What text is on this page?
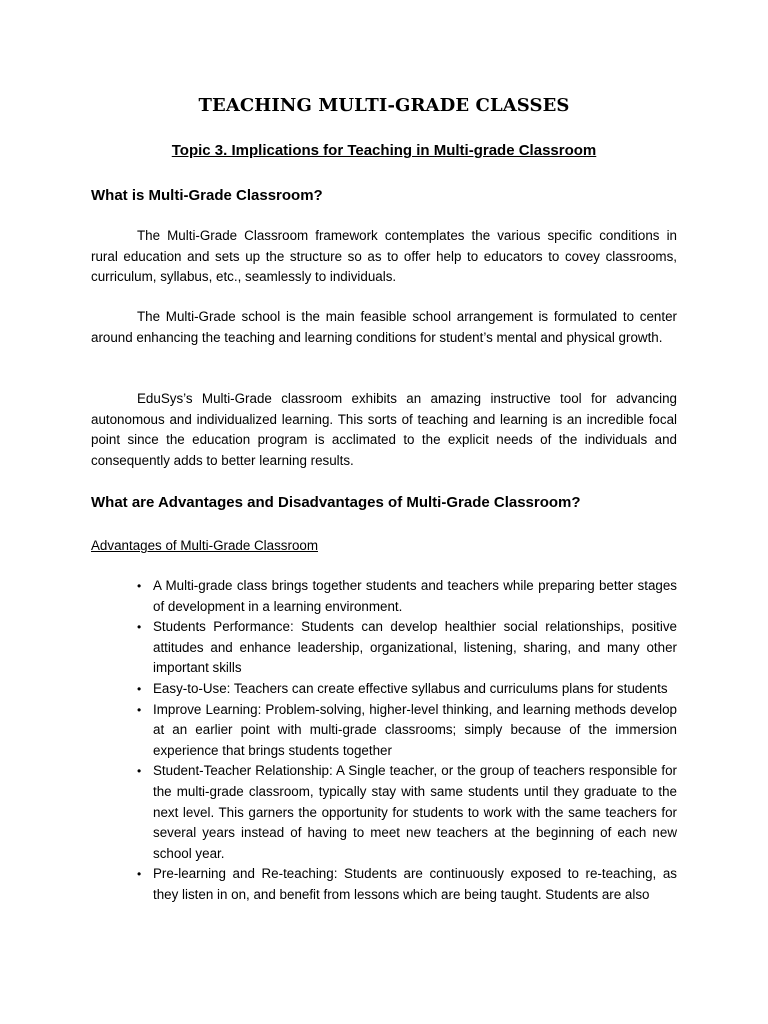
TEACHING MULTI-GRADE CLASSES
Topic 3. Implications for Teaching in Multi-grade Classroom
What is Multi-Grade Classroom?

The Multi-Grade Classroom framework contemplates the various specific conditions in rural education and sets up the structure so as to offer help to educators to covey classrooms, curriculum, syllabus, etc., seamlessly to individuals.

The Multi-Grade school is the main feasible school arrangement is formulated to center around enhancing the teaching and learning conditions for student’s mental and physical growth.

EduSys’s Multi-Grade classroom exhibits an amazing instructive tool for advancing autonomous and individualized learning. This sorts of teaching and learning is an incredible focal point since the education program is acclimated to the explicit needs of the individuals and consequently adds to better learning results.

What are Advantages and Disadvantages of Multi-Grade Classroom?

Advantages of Multi-Grade Classroom

• A Multi-grade class brings together students and teachers while preparing better stages of development in a learning environment.
• Students Performance: Students can develop healthier social relationships, positive attitudes and enhance leadership, organizational, listening, sharing, and many other important skills
• Easy-to-Use: Teachers can create effective syllabus and curriculums plans for students
• Improve Learning: Problem-solving, higher-level thinking, and learning methods develop at an earlier point with multi-grade classrooms; simply because of the immersion experience that brings students together
• Student-Teacher Relationship: A Single teacher, or the group of teachers responsible for the multi-grade classroom, typically stay with same students until they graduate to the next level. This garners the opportunity for students to work with the same teachers for several years instead of having to meet new teachers at the beginning of each new school year.
• Pre-learning and Re-teaching: Students are continuously exposed to re-teaching, as they listen in on, and benefit from lessons which are being taught. Students are also
